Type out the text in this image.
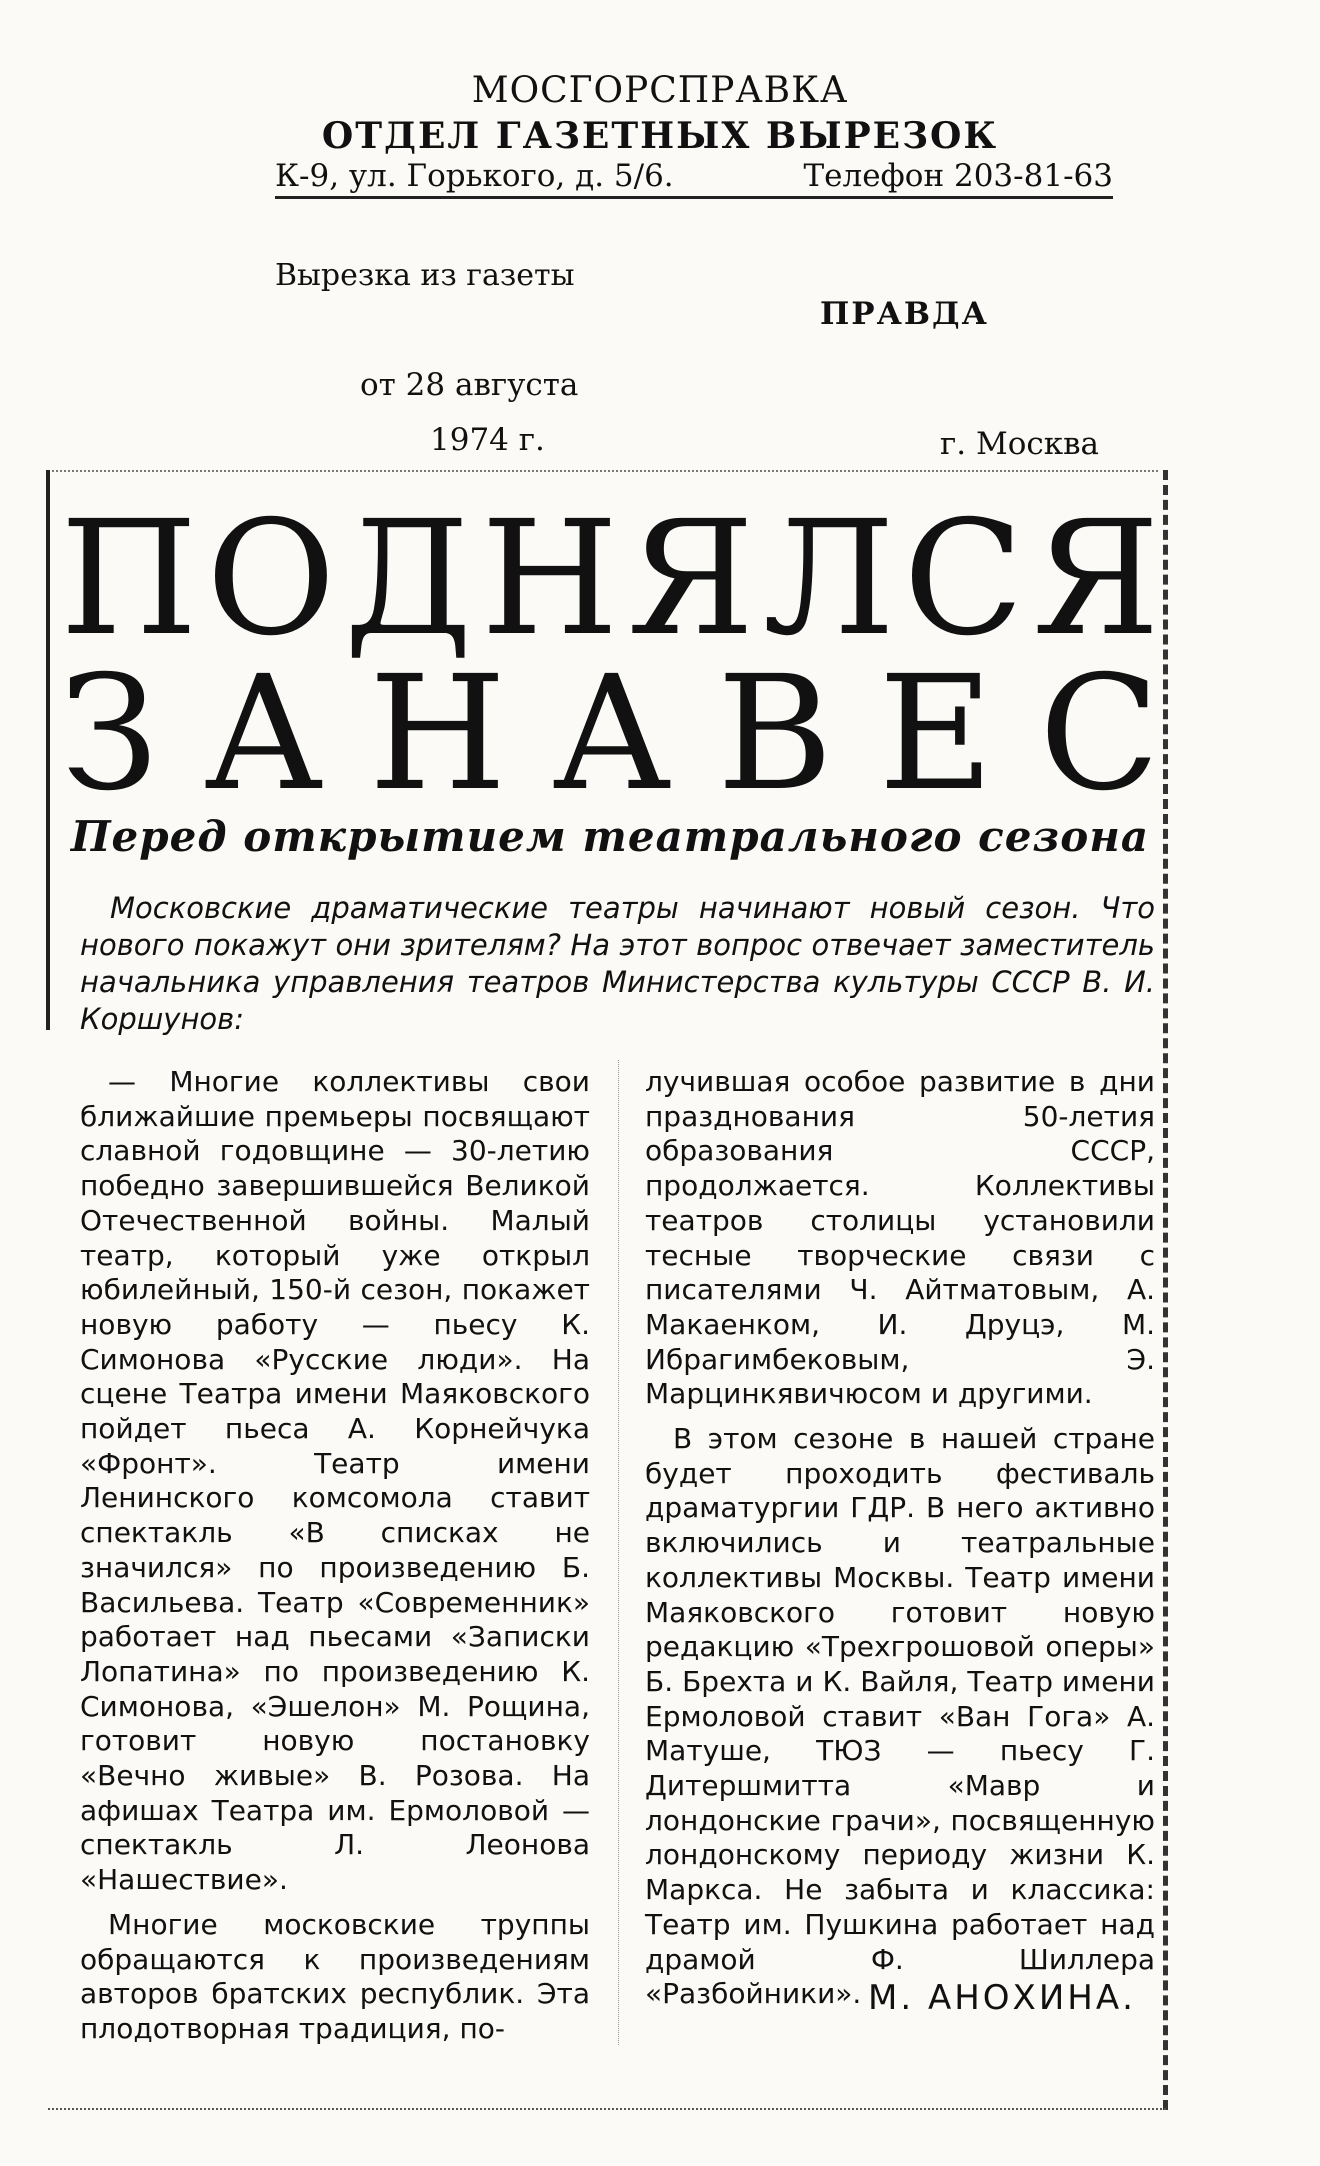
МОСГОРСПРАВКА
ОТДЕЛ ГАЗЕТНЫХ ВЫРЕЗОК
К-9, ул. Горького, д. 5/6.	Телефон 203-81-63
Вырезка из газеты
ПРАВДА
от 28 августа
1974 г.	г. Москва
П О Д Н Я Л С Я
З А Н А В Е С
Перед открытием театрального сезона
Московские драматические театры начинают новый сезон. Что нового покажут они зрителям? На этот вопрос отвечает заместитель начальника управления театров Министерства культуры СССР В. И. Коршунов:

— Многие коллективы свои ближайшие премьеры посвящают славной годовщине — 30-летию победно завершившейся Великой Отечественной войны. Малый театр, который уже открыл юбилейный, 150-й сезон, покажет новую работу — пьесу К. Симонова «Русские люди». На сцене Театра имени Маяковского пойдет пьеса А. Корнейчука «Фронт». Театр имени Ленинского комсомола ставит спектакль «В списках не значился» по произведению Б. Васильева. Театр «Современник» работает над пьесами «Записки Лопатина» по произведению К. Симонова, «Эшелон» М. Рощина, готовит новую постановку «Вечно живые» В. Розова. На афишах Театра им. Ермоловой — спектакль Л. Леонова «Нашествие».

Многие московские труппы обращаются к произведениям авторов братских республик. Эта плодотворная традиция, по-

лучившая особое развитие в дни празднования 50-летия образования СССР, продолжается. Коллективы театров столицы установили тесные творческие связи с писателями Ч. Айтматовым, А. Макаенком, И. Друцэ, М. Ибрагимбековым, Э. Марцинкявичюсом и другими.

В этом сезоне в нашей стране будет проходить фестиваль драматургии ГДР. В него активно включились и театральные коллективы Москвы. Театр имени Маяковского готовит новую редакцию «Трехгрошовой оперы» Б. Брехта и К. Вайля, Театр имени Ермоловой ставит «Ван Гога» А. Матуше, ТЮЗ — пьесу Г. Дитершмитта «Мавр и лондонские грачи», посвященную лондонскому периоду жизни К. Маркса. Не забыта и классика: Театр им. Пушкина работает над драмой Ф. Шиллера «Разбойники». М. АНОХИНА.
